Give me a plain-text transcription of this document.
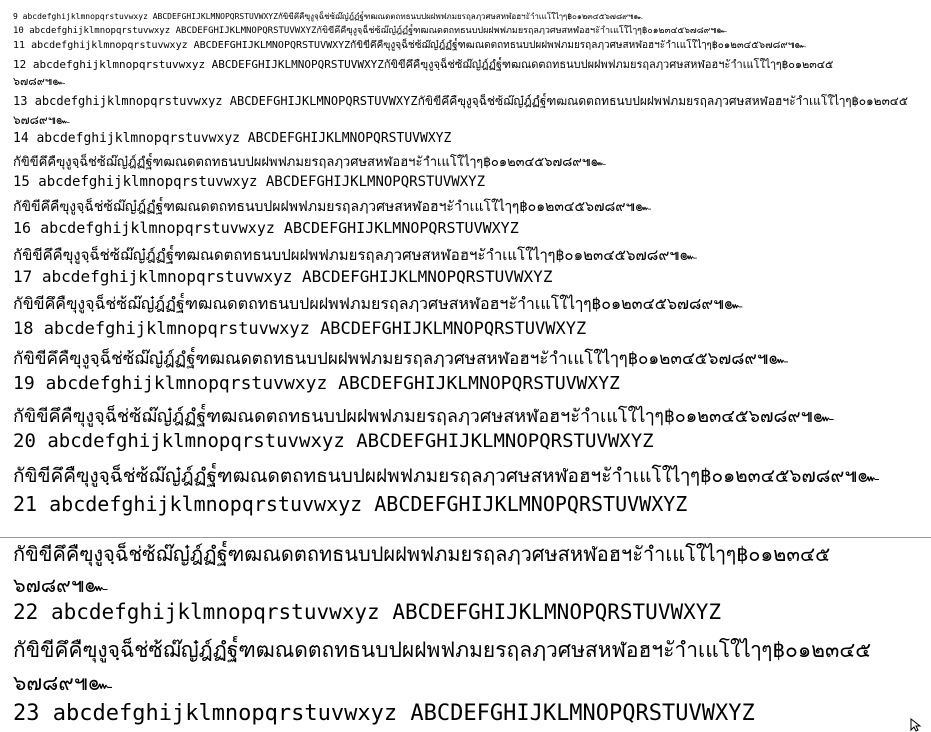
9 abcdefghijklmnopqrstuvwxyz ABCDEFGHIJKLMNOPQRSTUVWXYZกัขิขีคึคืฃุงูจฺฉ็ช่ซ้ฌ๊ญ๋ฎ์ฏํฐ๎ฑฒณดตถทธนบปผฝพฟภมยรฤลฦวศษสหฬอฮฯะัาำเแโใไๅๆ฿๐๑๒๓๔๕๖๗๘๙๚๛

10 abcdefghijklmnopqrstuvwxyz ABCDEFGHIJKLMNOPQRSTUVWXYZกัขิขีคึคืฃุงูจฺฉ็ช่ซ้ฌ๊ญ๋ฎ์ฏํฐ๎ฑฒณดตถทธนบปผฝพฟภมยรฤลฦวศษสหฬอฮฯะัาำเแโใไๅๆ฿๐๑๒๓๔๕๖๗๘๙๚๛

11 abcdefghijklmnopqrstuvwxyz ABCDEFGHIJKLMNOPQRSTUVWXYZกัขิขีคึคืฃุงูจฺฉ็ช่ซ้ฌ๊ญ๋ฎ์ฏํฐ๎ฑฒณดตถทธนบปผฝพฟภมยรฤลฦวศษสหฬอฮฯะัาำเแโใไๅๆ฿๐๑๒๓๔๕๖๗๘๙๚๛

12 abcdefghijklmnopqrstuvwxyz ABCDEFGHIJKLMNOPQRSTUVWXYZกัขิขีคึคืฃุงูจฺฉ็ช่ซ้ฌ๊ญ๋ฎ์ฏํฐ๎ฑฒณดตถทธนบปผฝพฟภมยรฤลฦวศษสหฬอฮฯะัาำเแโใไๅๆ฿๐๑๒๓๔๕

๖๗๘๙๚๛

13 abcdefghijklmnopqrstuvwxyz ABCDEFGHIJKLMNOPQRSTUVWXYZกัขิขีคึคืฃุงูจฺฉ็ช่ซ้ฌ๊ญ๋ฎ์ฏํฐ๎ฑฒณดตถทธนบปผฝพฟภมยรฤลฦวศษสหฬอฮฯะัาำเแโใไๅๆ฿๐๑๒๓๔๕

๖๗๘๙๚๛

14 abcdefghijklmnopqrstuvwxyz ABCDEFGHIJKLMNOPQRSTUVWXYZ

กัขิขีคึคืฃุงูจฺฉ็ช่ซ้ฌ๊ญ๋ฎ์ฏํฐ๎ฑฒณดตถทธนบปผฝพฟภมยรฤลฦวศษสหฬอฮฯะัาำเแโใไๅๆ฿๐๑๒๓๔๕๖๗๘๙๚๛

15 abcdefghijklmnopqrstuvwxyz ABCDEFGHIJKLMNOPQRSTUVWXYZ

กัขิขีคึคืฃุงูจฺฉ็ช่ซ้ฌ๊ญ๋ฎ์ฏํฐ๎ฑฒณดตถทธนบปผฝพฟภมยรฤลฦวศษสหฬอฮฯะัาำเแโใไๅๆ฿๐๑๒๓๔๕๖๗๘๙๚๛

16 abcdefghijklmnopqrstuvwxyz ABCDEFGHIJKLMNOPQRSTUVWXYZ

กัขิขีคึคืฃุงูจฺฉ็ช่ซ้ฌ๊ญ๋ฎ์ฏํฐ๎ฑฒณดตถทธนบปผฝพฟภมยรฤลฦวศษสหฬอฮฯะัาำเแโใไๅๆ฿๐๑๒๓๔๕๖๗๘๙๚๛

17 abcdefghijklmnopqrstuvwxyz ABCDEFGHIJKLMNOPQRSTUVWXYZ

กัขิขีคึคืฃุงูจฺฉ็ช่ซ้ฌ๊ญ๋ฎ์ฏํฐ๎ฑฒณดตถทธนบปผฝพฟภมยรฤลฦวศษสหฬอฮฯะัาำเแโใไๅๆ฿๐๑๒๓๔๕๖๗๘๙๚๛

18 abcdefghijklmnopqrstuvwxyz ABCDEFGHIJKLMNOPQRSTUVWXYZ

กัขิขีคึคืฃุงูจฺฉ็ช่ซ้ฌ๊ญ๋ฎ์ฏํฐ๎ฑฒณดตถทธนบปผฝพฟภมยรฤลฦวศษสหฬอฮฯะัาำเแโใไๅๆ฿๐๑๒๓๔๕๖๗๘๙๚๛

19 abcdefghijklmnopqrstuvwxyz ABCDEFGHIJKLMNOPQRSTUVWXYZ

กัขิขีคึคืฃุงูจฺฉ็ช่ซ้ฌ๊ญ๋ฎ์ฏํฐ๎ฑฒณดตถทธนบปผฝพฟภมยรฤลฦวศษสหฬอฮฯะัาำเแโใไๅๆ฿๐๑๒๓๔๕๖๗๘๙๚๛

20 abcdefghijklmnopqrstuvwxyz ABCDEFGHIJKLMNOPQRSTUVWXYZ

กัขิขีคึคืฃุงูจฺฉ็ช่ซ้ฌ๊ญ๋ฎ์ฏํฐ๎ฑฒณดตถทธนบปผฝพฟภมยรฤลฦวศษสหฬอฮฯะัาำเแโใไๅๆ฿๐๑๒๓๔๕๖๗๘๙๚๛

21 abcdefghijklmnopqrstuvwxyz ABCDEFGHIJKLMNOPQRSTUVWXYZ

กัขิขีคึคืฃุงูจฺฉ็ช่ซ้ฌ๊ญ๋ฎ์ฏํฐ๎ฑฒณดตถทธนบปผฝพฟภมยรฤลฦวศษสหฬอฮฯะัาำเแโใไๅๆ฿๐๑๒๓๔๕

๖๗๘๙๚๛

22 abcdefghijklmnopqrstuvwxyz ABCDEFGHIJKLMNOPQRSTUVWXYZ

กัขิขีคึคืฃุงูจฺฉ็ช่ซ้ฌ๊ญ๋ฎ์ฏํฐ๎ฑฒณดตถทธนบปผฝพฟภมยรฤลฦวศษสหฬอฮฯะัาำเแโใไๅๆ฿๐๑๒๓๔๕

๖๗๘๙๚๛

23 abcdefghijklmnopqrstuvwxyz ABCDEFGHIJKLMNOPQRSTUVWXYZ
